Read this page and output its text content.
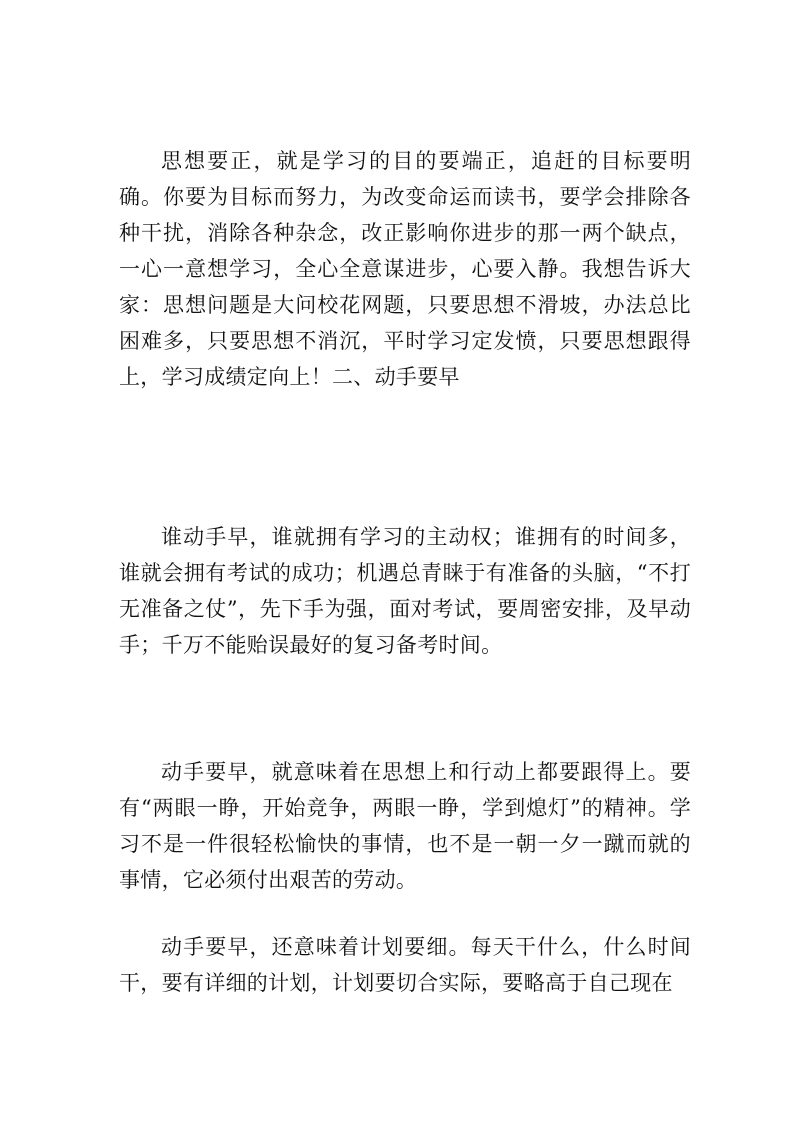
思想要正，就是学习的目的要端正，追赶的目标要明确。你要为目标而努力，为改变命运而读书，要学会排除各种干扰，消除各种杂念，改正影响你进步的那一两个缺点，一心一意想学习，全心全意谋进步，心要入静。我想告诉大家：思想问题是大问校花网题，只要思想不滑坡，办法总比困难多，只要思想不消沉，平时学习定发愤，只要思想跟得上，学习成绩定向上！二、动手要早

谁动手早，谁就拥有学习的主动权；谁拥有的时间多，谁就会拥有考试的成功；机遇总青睐于有准备的头脑，“不打无准备之仗”，先下手为强，面对考试，要周密安排，及早动手；千万不能贻误最好的复习备考时间。

动手要早，就意味着在思想上和行动上都要跟得上。要有“两眼一睁，开始竞争，两眼一睁，学到熄灯”的精神。学习不是一件很轻松愉快的事情，也不是一朝一夕一蹴而就的事情，它必须付出艰苦的劳动。

动手要早，还意味着计划要细。每天干什么，什么时间干，要有详细的计划，计划要切合实际，要略高于自己现在
